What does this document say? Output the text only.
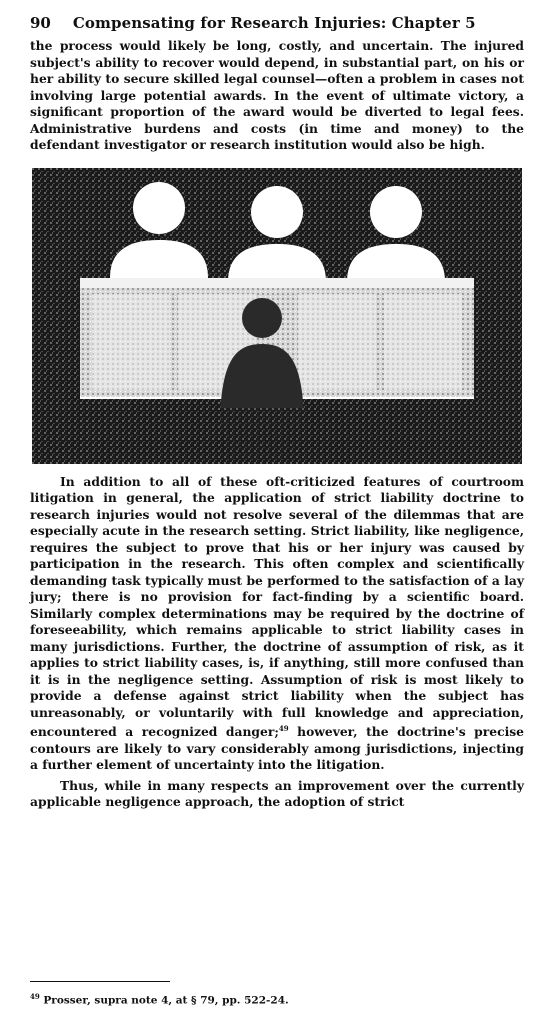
90 Compensating for Research Injuries: Chapter 5

the process would likely be long, costly, and uncertain. The injured subject's ability to recover would depend, in substantial part, on his or her ability to secure skilled legal counsel—often a problem in cases not involving large potential awards. In the event of ultimate victory, a significant proportion of the award would be diverted to legal fees. Administrative burdens and costs (in time and money) to the defendant investigator or research institution would also be high.

In addition to all of these oft-criticized features of courtroom litigation in general, the application of strict liability doctrine to research injuries would not resolve several of the dilemmas that are especially acute in the research setting. Strict liability, like negligence, requires the subject to prove that his or her injury was caused by participation in the research. This often complex and scientifically demanding task typically must be performed to the satisfaction of a lay jury; there is no provision for fact-finding by a scientific board. Similarly complex determinations may be required by the doctrine of foreseeability, which remains applicable to strict liability cases in many jurisdictions. Further, the doctrine of assumption of risk, as it applies to strict liability cases, is, if anything, still more confused than it is in the negligence setting. Assumption of risk is most likely to provide a defense against strict liability when the subject has unreasonably, or voluntarily with full knowledge and appreciation, encountered a recognized danger;$^{49}$ however, the doctrine's precise contours are likely to vary considerably among jurisdictions, injecting a further element of uncertainty into the litigation.

Thus, while in many respects an improvement over the currently applicable negligence approach, the adoption of strict

$^{49}$ Prosser, supra note 4, at § 79, pp. 522-24.
